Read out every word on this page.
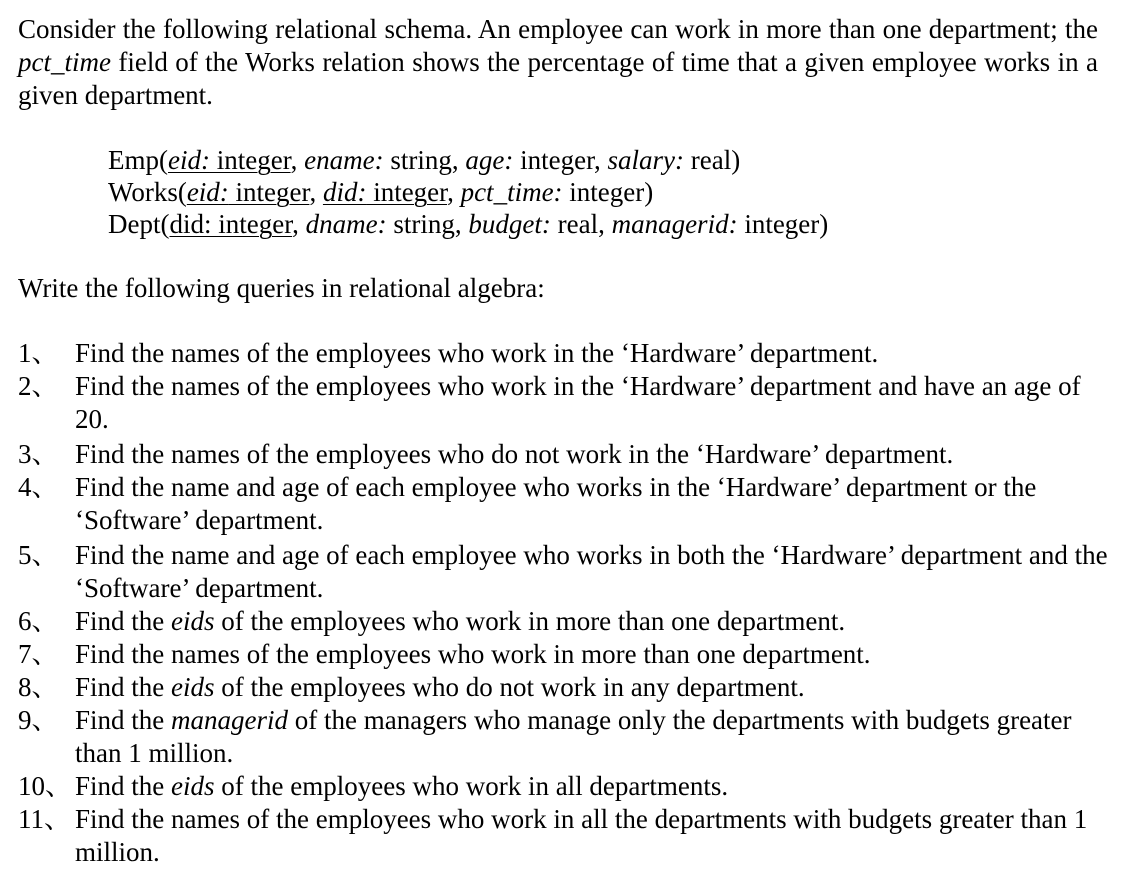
Consider the following relational schema. An employee can work in more than one department; the pct_time field of the Works relation shows the percentage of time that a given employee works in a given department.

Emp(eid: integer, ename: string, age: integer, salary: real)
Works(eid: integer, did: integer, pct_time: integer)
Dept(did: integer, dname: string, budget: real, managerid: integer)
Write the following queries in relational algebra:
1、 Find the names of the employees who work in the ‘Hardware’ department.
2、 Find the names of the employees who work in the ‘Hardware’ department and have an age of 20.
3、 Find the names of the employees who do not work in the ‘Hardware’ department.
4、 Find the name and age of each employee who works in the ‘Hardware’ department or the ‘Software’ department.
5、 Find the name and age of each employee who works in both the ‘Hardware’ department and the ‘Software’ department.
6、 Find the eids of the employees who work in more than one department.
7、 Find the names of the employees who work in more than one department.
8、 Find the eids of the employees who do not work in any department.
9、 Find the managerid of the managers who manage only the departments with budgets greater than 1 million.
10、 Find the eids of the employees who work in all departments.
11、 Find the names of the employees who work in all the departments with budgets greater than 1 million.
